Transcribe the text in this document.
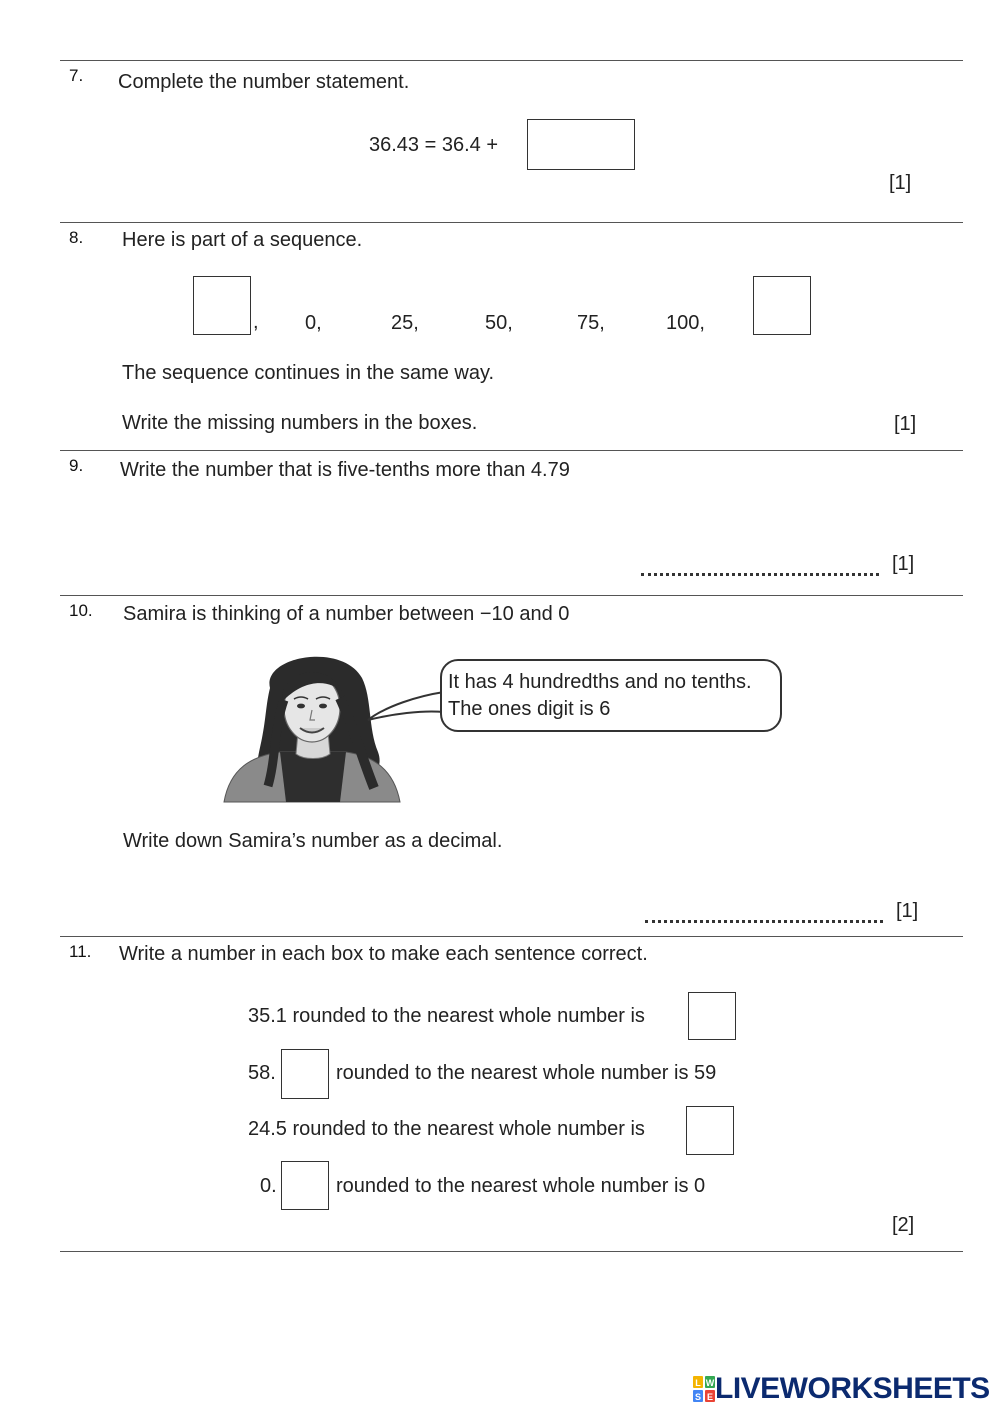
7. Complete the number statement.
36.43 = 36.4 +
[1]
8. Here is part of a sequence.
, 0,	25,	50,	75,	100,
The sequence continues in the same way.
Write the missing numbers in the boxes.	[1]
9. Write the number that is five-tenths more than 4.79
[1]
10. Samira is thinking of a number between −10 and 0
It has 4 hundredths and no tenths.
The ones digit is 6
Write down Samira’s number as a decimal.
[1]
11. Write a number in each box to make each sentence correct.
35.1 rounded to the nearest whole number is
58.	rounded to the nearest whole number is 59
24.5 rounded to the nearest whole number is
0.	rounded to the nearest whole number is 0
[2]
L W
S E LIVEWORKSHEETS
